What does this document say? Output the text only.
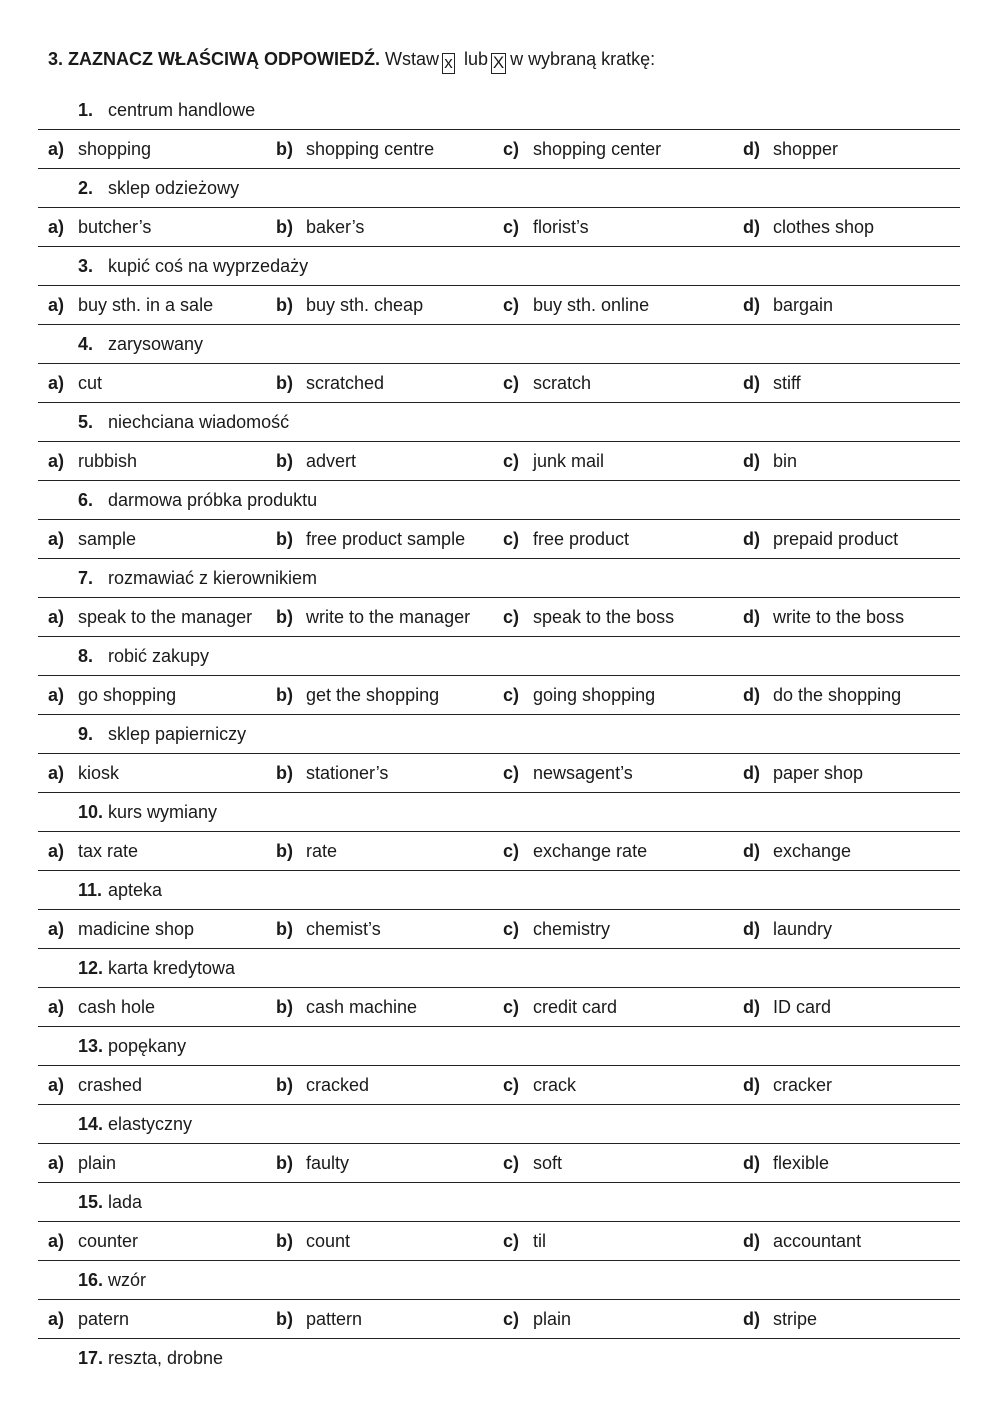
3. ZAZNACZ WŁAŚCIWĄ ODPOWIEDŹ. Wstaw x lub X w wybraną kratkę:
1. centrum handlowe
a) shopping	b) shopping centre	c) shopping center	d) shopper
2. sklep odzieżowy
a) butcher’s	b) baker’s	c) florist’s	d) clothes shop
3. kupić coś na wyprzedaży
a) buy sth. in a sale	b) buy sth. cheap	c) buy sth. online	d) bargain
4. zarysowany
a) cut	b) scratched	c) scratch	d) stiff
5. niechciana wiadomość
a) rubbish	b) advert	c) junk mail	d) bin
6. darmowa próbka produktu
a) sample	b) free product sample c) free product	d) prepaid product
7. rozmawiać z kierownikiem
a) speak to the manager b) write to the manager c) speak to the boss	d) write to the boss
8. robić zakupy
a) go shopping	b) get the shopping	c) going shopping	d) do the shopping
9. sklep papierniczy
a) kiosk	b) stationer’s	c) newsagent’s	d) paper shop
10. kurs wymiany
a) tax rate	b) rate	c) exchange rate	d) exchange
11. apteka
a) madicine shop	b) chemist’s	c) chemistry	d) laundry
12. karta kredytowa
a) cash hole	b) cash machine	c) credit card	d) ID card
13. popękany
a) crashed	b) cracked	c) crack	d) cracker
14. elastyczny
a) plain	b) faulty	c) soft	d) flexible
15. lada
a) counter	b) count	c) til	d) accountant
16. wzór
a) patern	b) pattern	c) plain	d) stripe
17. reszta, drobne
